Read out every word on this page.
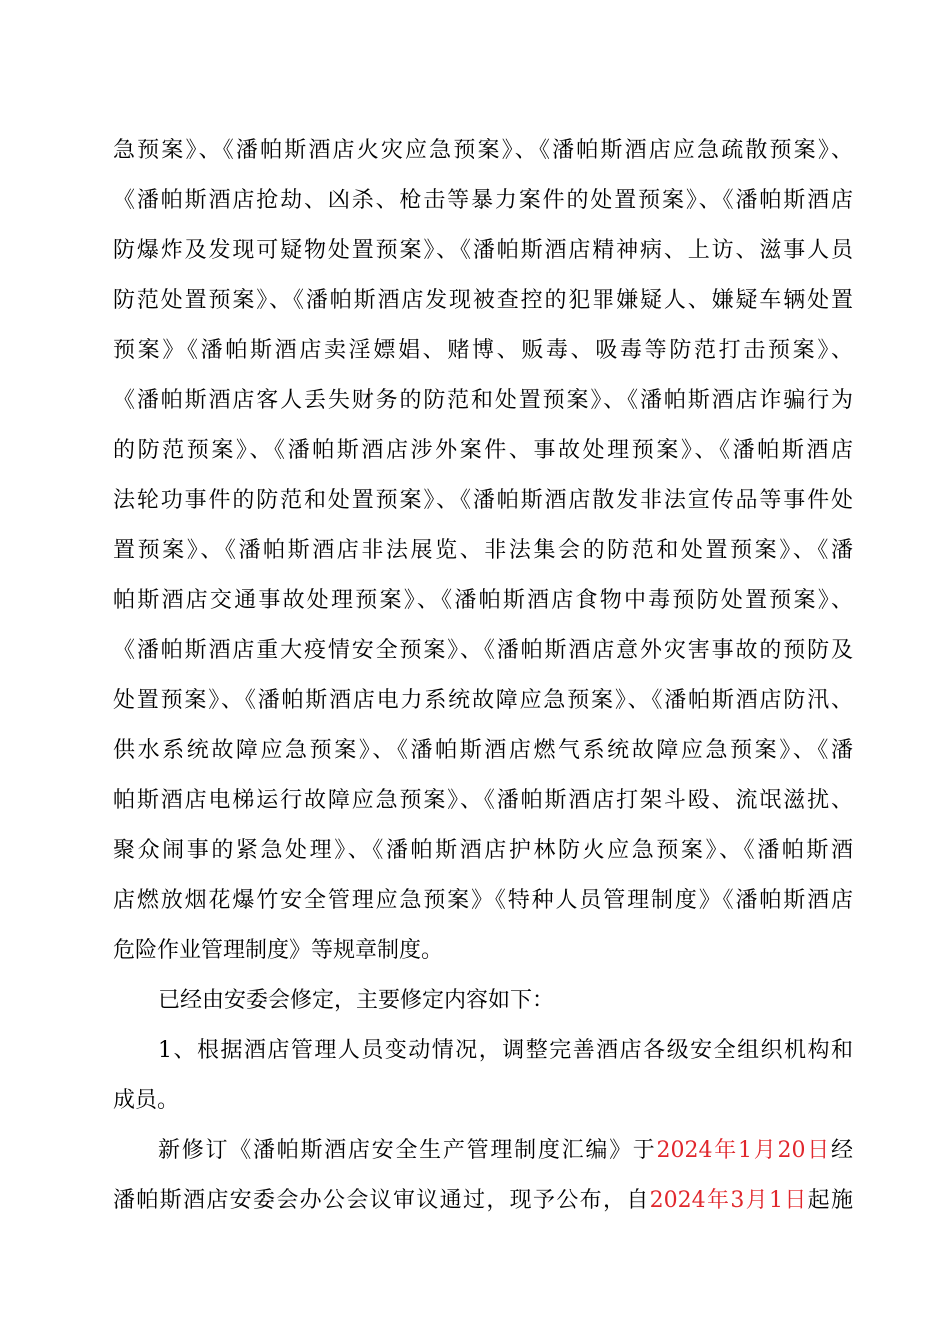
急预案》、《潘帕斯酒店火灾应急预案》、《潘帕斯酒店应急疏散预案》、
《潘帕斯酒店抢劫、凶杀、枪击等暴力案件的处置预案》、《潘帕斯酒店
防爆炸及发现可疑物处置预案》、《潘帕斯酒店精神病、上访、滋事人员
防范处置预案》、《潘帕斯酒店发现被查控的犯罪嫌疑人、嫌疑车辆处置
预案》《潘帕斯酒店卖淫嫖娼、赌博、贩毒、吸毒等防范打击预案》、
《潘帕斯酒店客人丢失财务的防范和处置预案》、《潘帕斯酒店诈骗行为
的防范预案》、《潘帕斯酒店涉外案件、事故处理预案》、《潘帕斯酒店
法轮功事件的防范和处置预案》、《潘帕斯酒店散发非法宣传品等事件处
置预案》、《潘帕斯酒店非法展览、非法集会的防范和处置预案》、《潘
帕斯酒店交通事故处理预案》、《潘帕斯酒店食物中毒预防处置预案》、
《潘帕斯酒店重大疫情安全预案》、《潘帕斯酒店意外灾害事故的预防及
处置预案》、《潘帕斯酒店电力系统故障应急预案》、《潘帕斯酒店防汛、
供水系统故障应急预案》、《潘帕斯酒店燃气系统故障应急预案》、《潘
帕斯酒店电梯运行故障应急预案》、《潘帕斯酒店打架斗殴、流氓滋扰、
聚众闹事的紧急处理》、《潘帕斯酒店护林防火应急预案》、《潘帕斯酒
店燃放烟花爆竹安全管理应急预案》《特种人员管理制度》《潘帕斯酒店
危险作业管理制度》等规章制度。
已经由安委会修定，主要修定内容如下：
1、根据酒店管理人员变动情况，调整完善酒店各级安全组织机构和
成员。
新修订《潘帕斯酒店安全生产管理制度汇编》于2024年1月20日经
潘帕斯酒店安委会办公会议审议通过，现予公布，自2024年3月1日起施
